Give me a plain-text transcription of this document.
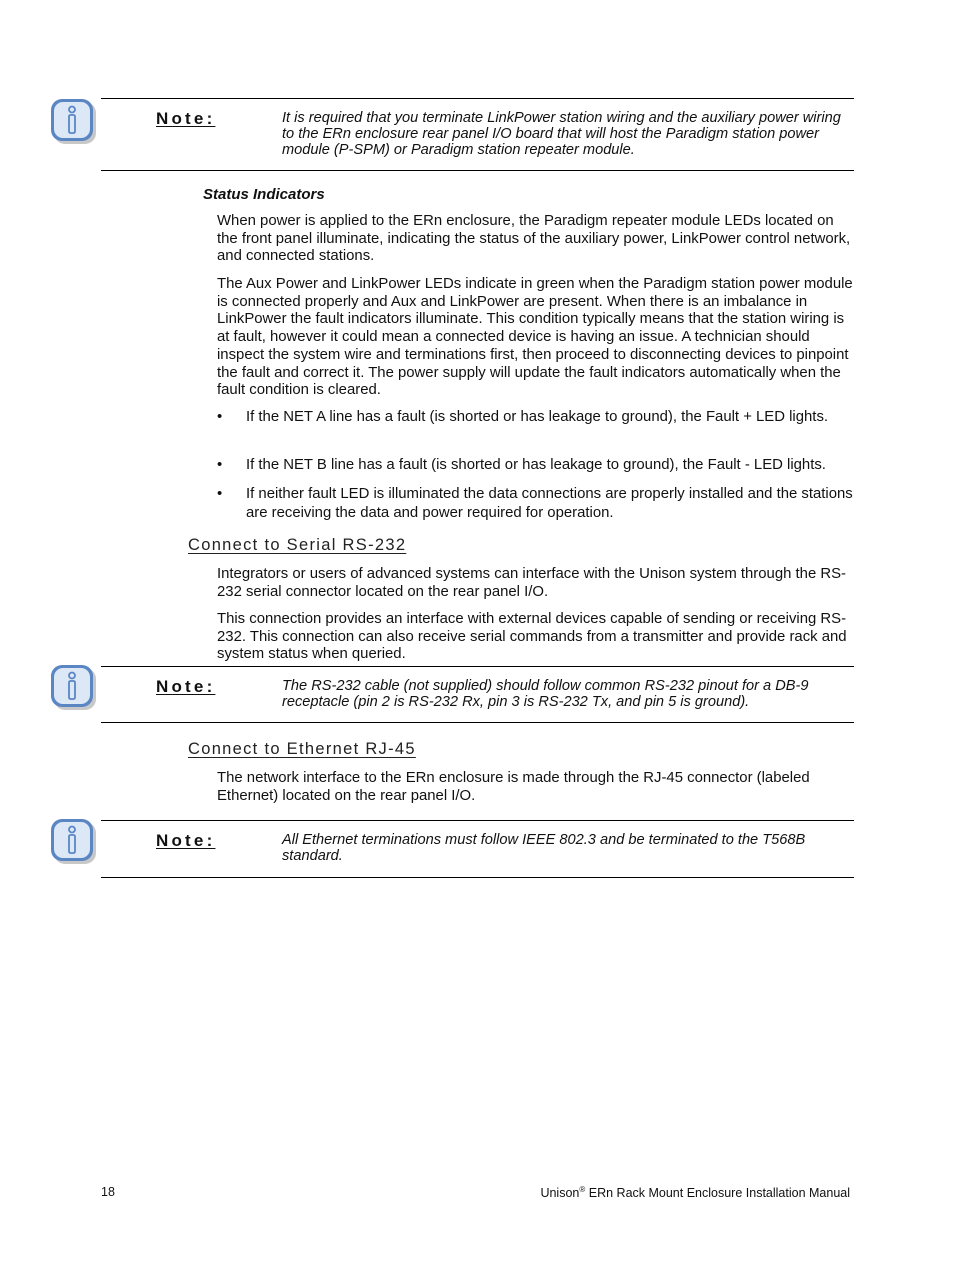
Note:	It is required that you terminate LinkPower station wiring and the auxiliary power wiring to the ERn enclosure rear panel I/O board that will host the Paradigm station power module (P-SPM) or Paradigm station repeater module.
Status Indicators

When power is applied to the ERn enclosure, the Paradigm repeater module LEDs located on the front panel illuminate, indicating the status of the auxiliary power, LinkPower control network, and connected stations.

The Aux Power and LinkPower LEDs indicate in green when the Paradigm station power module is connected properly and Aux and LinkPower are present. When there is an imbalance in LinkPower the fault indicators illuminate. This condition typically means that the station wiring is at fault, however it could mean a connected device is having an issue. A technician should inspect the system wire and terminations first, then proceed to disconnecting devices to pinpoint the fault and correct it. The power supply will update the fault indicators automatically when the fault condition is cleared.

• If the NET A line has a fault (is shorted or has leakage to ground), the Fault + LED lights.
• If the NET B line has a fault (is shorted or has leakage to ground), the Fault - LED lights.
• If neither fault LED is illuminated the data connections are properly installed and the stations are receiving the data and power required for operation.
Connect to Serial RS-232

Integrators or users of advanced systems can interface with the Unison system through the RS-232 serial connector located on the rear panel I/O.

This connection provides an interface with external devices capable of sending or receiving RS-232. This connection can also receive serial commands from a transmitter and provide rack and system status when queried.

Note:	The RS-232 cable (not supplied) should follow common RS-232 pinout for a DB-9 receptacle (pin 2 is RS-232 Rx, pin 3 is RS-232 Tx, and pin 5 is ground).
Connect to Ethernet RJ-45

The network interface to the ERn enclosure is made through the RJ-45 connector (labeled Ethernet) located on the rear panel I/O.

Note:	All Ethernet terminations must follow IEEE 802.3 and be terminated to the T568B standard.
18	Unison® ERn Rack Mount Enclosure Installation Manual
